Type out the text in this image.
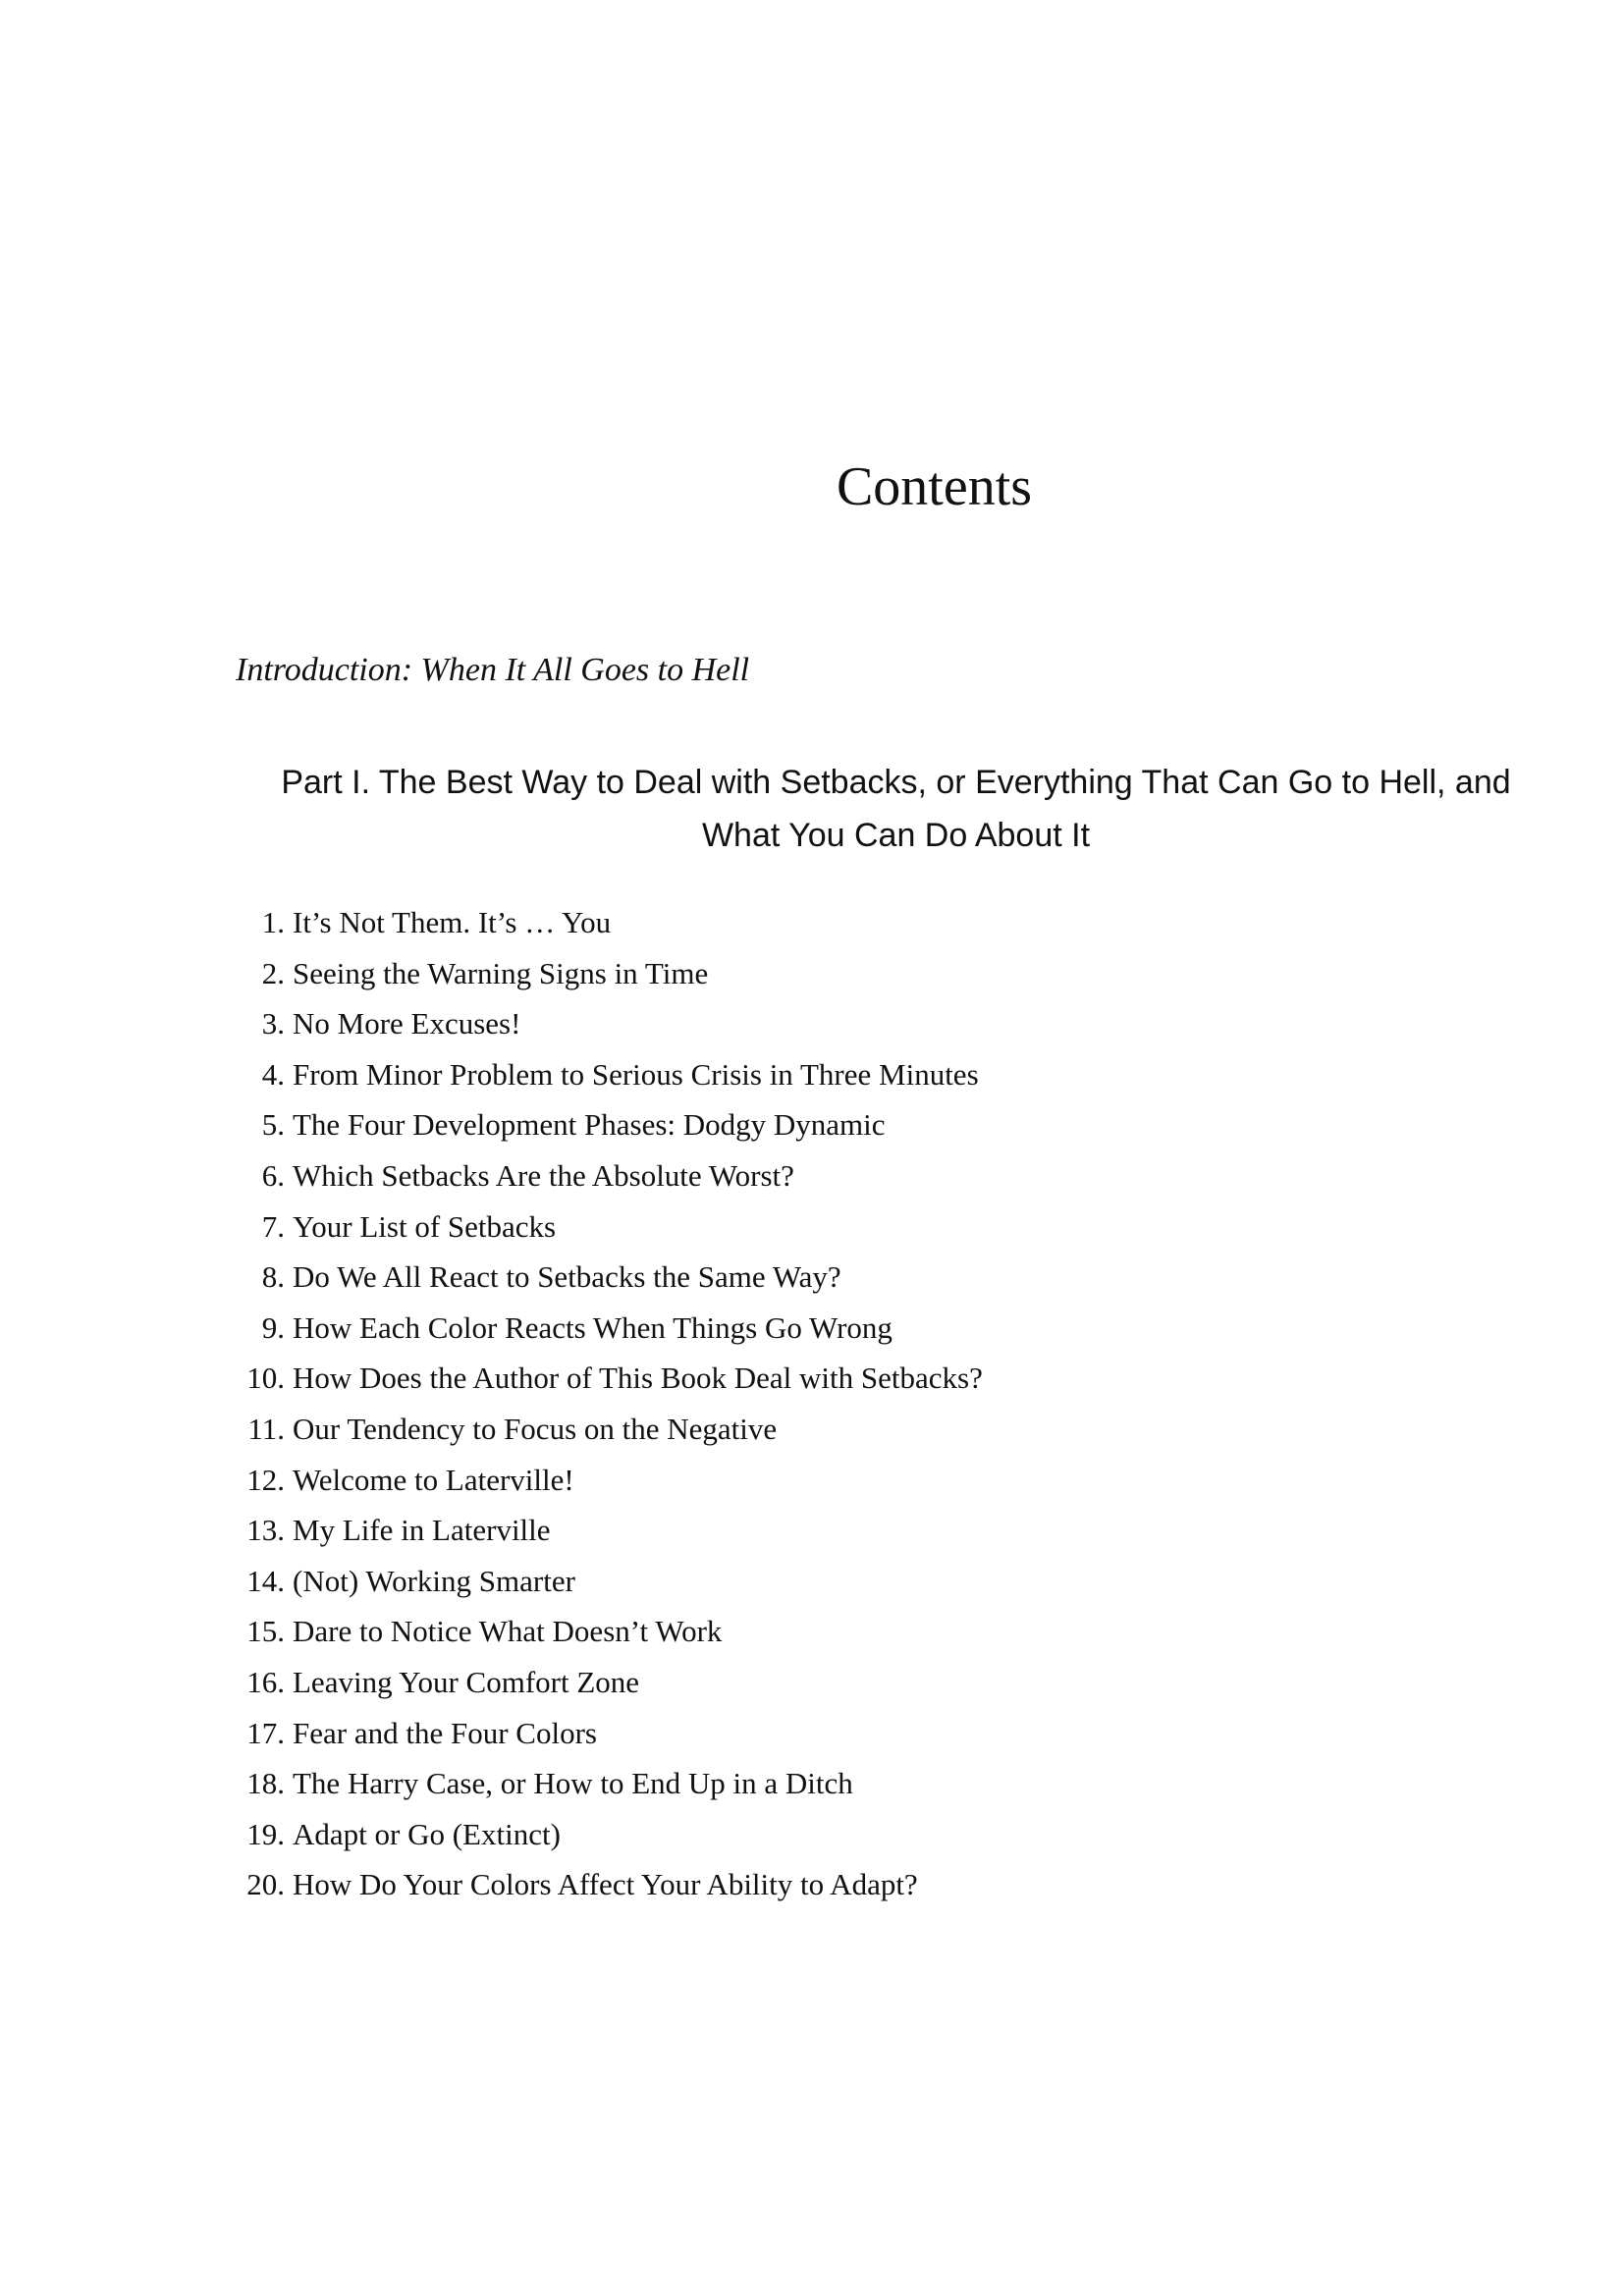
Contents

Introduction: When It All Goes to Hell

Part I. The Best Way to Deal with Setbacks, or Everything That Can Go to Hell, and
What You Can Do About It
1. It’s Not Them. It’s … You
2. Seeing the Warning Signs in Time
3. No More Excuses!
4. From Minor Problem to Serious Crisis in Three Minutes
5. The Four Development Phases: Dodgy Dynamic
6. Which Setbacks Are the Absolute Worst?
7. Your List of Setbacks
8. Do We All React to Setbacks the Same Way?
9. How Each Color Reacts When Things Go Wrong
10. How Does the Author of This Book Deal with Setbacks?
11. Our Tendency to Focus on the Negative
12. Welcome to Laterville!
13. My Life in Laterville
14. (Not) Working Smarter
15. Dare to Notice What Doesn’t Work
16. Leaving Your Comfort Zone
17. Fear and the Four Colors
18. The Harry Case, or How to End Up in a Ditch
19. Adapt or Go (Extinct)
20. How Do Your Colors Affect Your Ability to Adapt?
